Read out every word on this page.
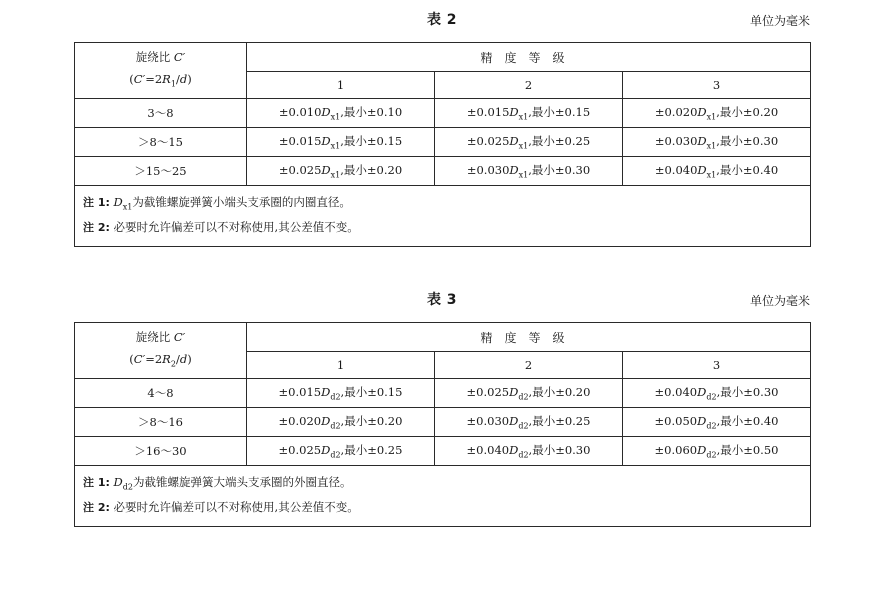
表 2	单位为毫米
旋绕比 C′
$(C'=2R_1/d)$	精度等级		
	1	2	3
3～8	$\pm 0.010D_{x1}$,最小±0.10	$\pm 0.015D_{x1}$,最小±0.15	$\pm 0.020D_{x1}$,最小±0.20
＞8～15	$\pm 0.015D_{x1}$,最小±0.15	$\pm 0.025D_{x1}$,最小±0.25	$\pm 0.030D_{x1}$,最小±0.30
＞15～25	$\pm 0.025D_{x1}$,最小±0.20	$\pm 0.030D_{x1}$,最小±0.30	$\pm 0.040D_{x1}$,最小±0.40

注 1: $D_{x1}$为截锥螺旋弹簧小端头支承圈的内圈直径。
注 2: 必要时允许偏差可以不对称使用,其公差值不变。			
表 3	单位为毫米
旋绕比 C′
$(C'=2R_2/d)$	精度等级		
	1	2	3
4～8	$\pm 0.015D_{d2}$,最小±0.15	$\pm 0.025D_{d2}$,最小±0.20	$\pm 0.040D_{d2}$,最小±0.30
＞8～16	$\pm 0.020D_{d2}$,最小±0.20	$\pm 0.030D_{d2}$,最小±0.25	$\pm 0.050D_{d2}$,最小±0.40
＞16～30	$\pm 0.025D_{d2}$,最小±0.25	$\pm 0.040D_{d2}$,最小±0.30	$\pm 0.060D_{d2}$,最小±0.50

注 1: $D_{d2}$为截锥螺旋弹簧大端头支承圈的外圈直径。
注 2: 必要时允许偏差可以不对称使用,其公差值不变。			
